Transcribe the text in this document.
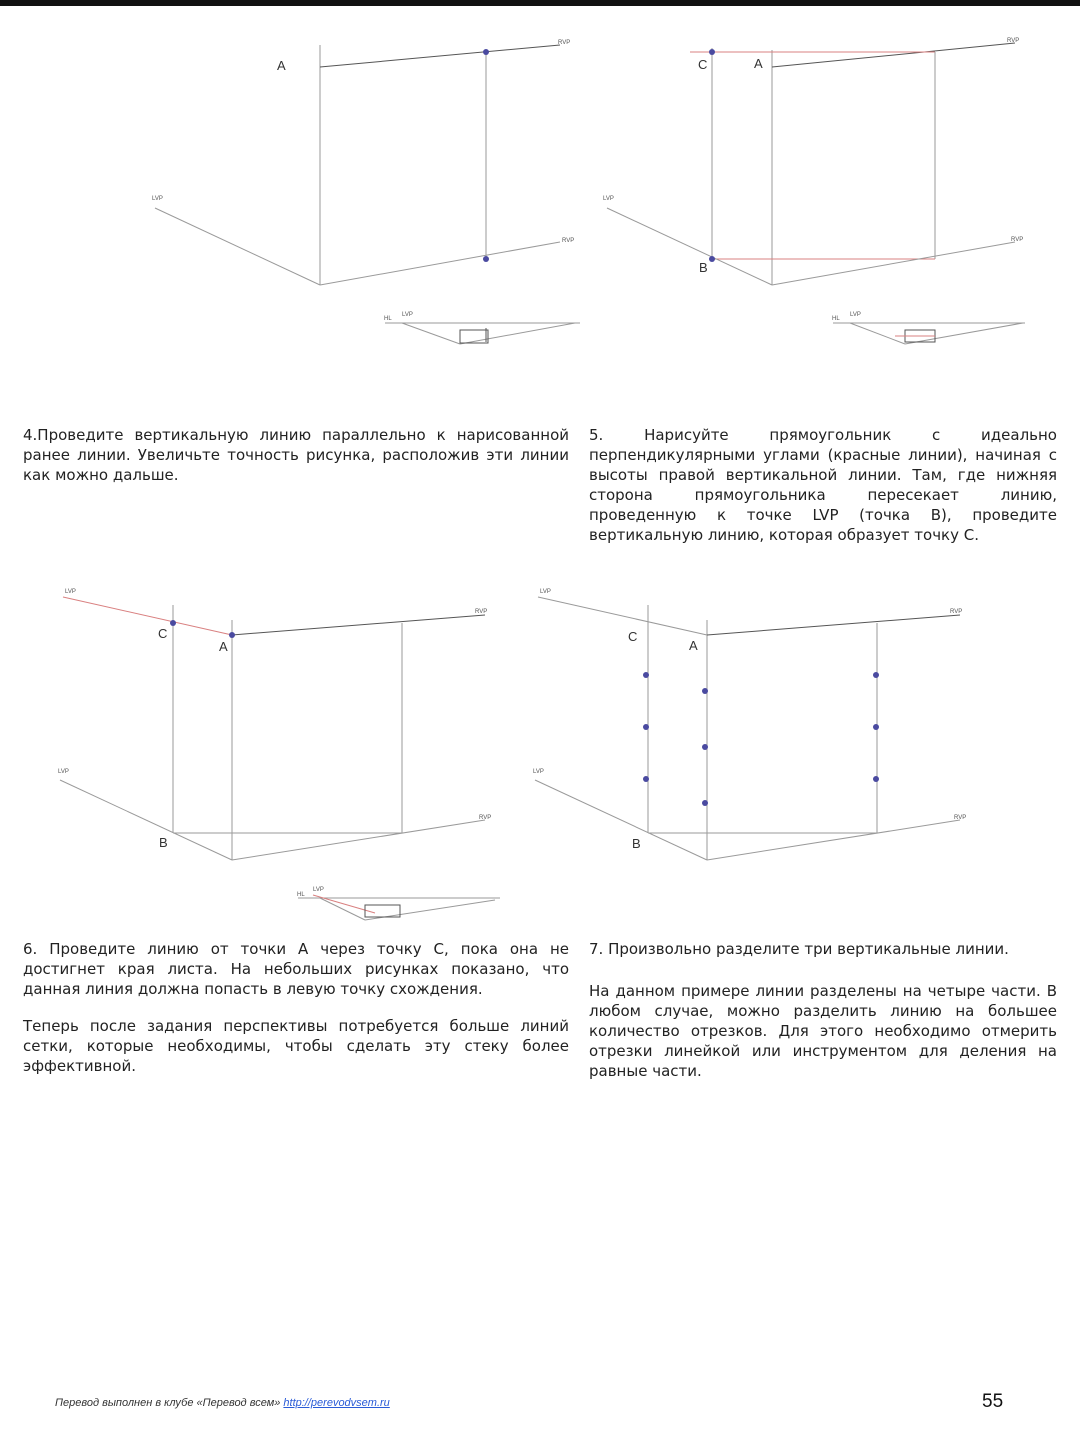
A
LVP
RVP
RVP
HL
LVP
C	A
B
LVP
RVP
RVP
HL
LVP
C
A
B
LVP
LVP
RVP
RVP
HL
LVP
C
A
B
LVP
LVP
RVP
RVP

4.Проведите вертикальную линию параллельно к нарисованной ранее линии. Увеличьте точность рисунка, расположив эти линии как можно дальше.

5. Нарисуйте прямоугольник с идеально перпендикулярными углами (красные линии), начиная с высоты правой вертикальной линии. Там, где нижняя сторона прямоугольника пересекает линию, проведенную к точке LVP (точка B), проведите вертикальную линию, которая образует точку C.

6. Проведите линию от точки А через точку С, пока она не достигнет края листа. На небольших рисунках показано, что данная линия должна попасть в левую точку схождения.

Теперь после задания перспективы потребуется больше линий сетки, которые необходимы, чтобы сделать эту стеку более эффективной.

7. Произвольно разделите три вертикальные линии.

На данном примере линии разделены на четыре части. В любом случае, можно разделить линию на большее количество отрезков. Для этого необходимо отмерить отрезки линейкой или инструментом для деления на равные части.

Перевод выполнен в клубе «Перевод всем» http://perevodvsem.ru	55
